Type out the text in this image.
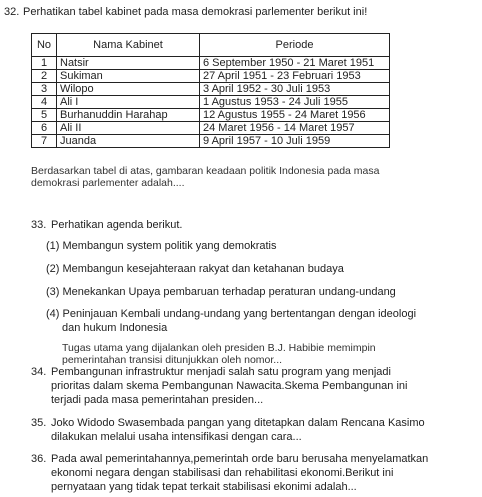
32. Perhatikan tabel kabinet pada masa demokrasi parlementer berikut ini!
No	Nama Kabinet	Periode
1	Natsir	6 September 1950 - 21 Maret 1951
2	Sukiman	27 April 1951 - 23 Februari 1953
3	Wilopo	3 April 1952 - 30 Juli 1953
4	Ali I	1 Agustus 1953 - 24 Juli 1955
5	Burhanuddin Harahap	12 Agustus 1955 - 24 Maret 1956
6	Ali II	24 Maret 1956 - 14 Maret 1957
7	Juanda	9 April 1957 - 10 Juli 1959
Berdasarkan tabel di atas, gambaran keadaan politik Indonesia pada masa
demokrasi parlementer adalah....
33. Perhatikan agenda berikut.
(1) Membangun system politik yang demokratis
(2) Membangun kesejahteraan rakyat dan ketahanan budaya
(3) Menekankan Upaya pembaruan terhadap peraturan undang-undang
(4) Peninjauan Kembali undang-undang yang bertentangan dengan ideologi
dan hukum Indonesia
Tugas utama yang dijalankan oleh presiden B.J. Habibie memimpin
pemerintahan transisi ditunjukkan oleh nomor...
34. Pembangunan infrastruktur menjadi salah satu program yang menjadi
prioritas dalam skema Pembangunan Nawacita.Skema Pembangunan ini
terjadi pada masa pemerintahan presiden...
35. Joko Widodo Swasembada pangan yang ditetapkan dalam Rencana Kasimo
dilakukan melalui usaha intensifikasi dengan cara...
36. Pada awal pemerintahannya,pemerintah orde baru berusaha menyelamatkan
ekonomi negara dengan stabilisasi dan rehabilitasi ekonomi.Berikut ini
pernyataan yang tidak tepat terkait stabilisasi ekonimi adalah...
